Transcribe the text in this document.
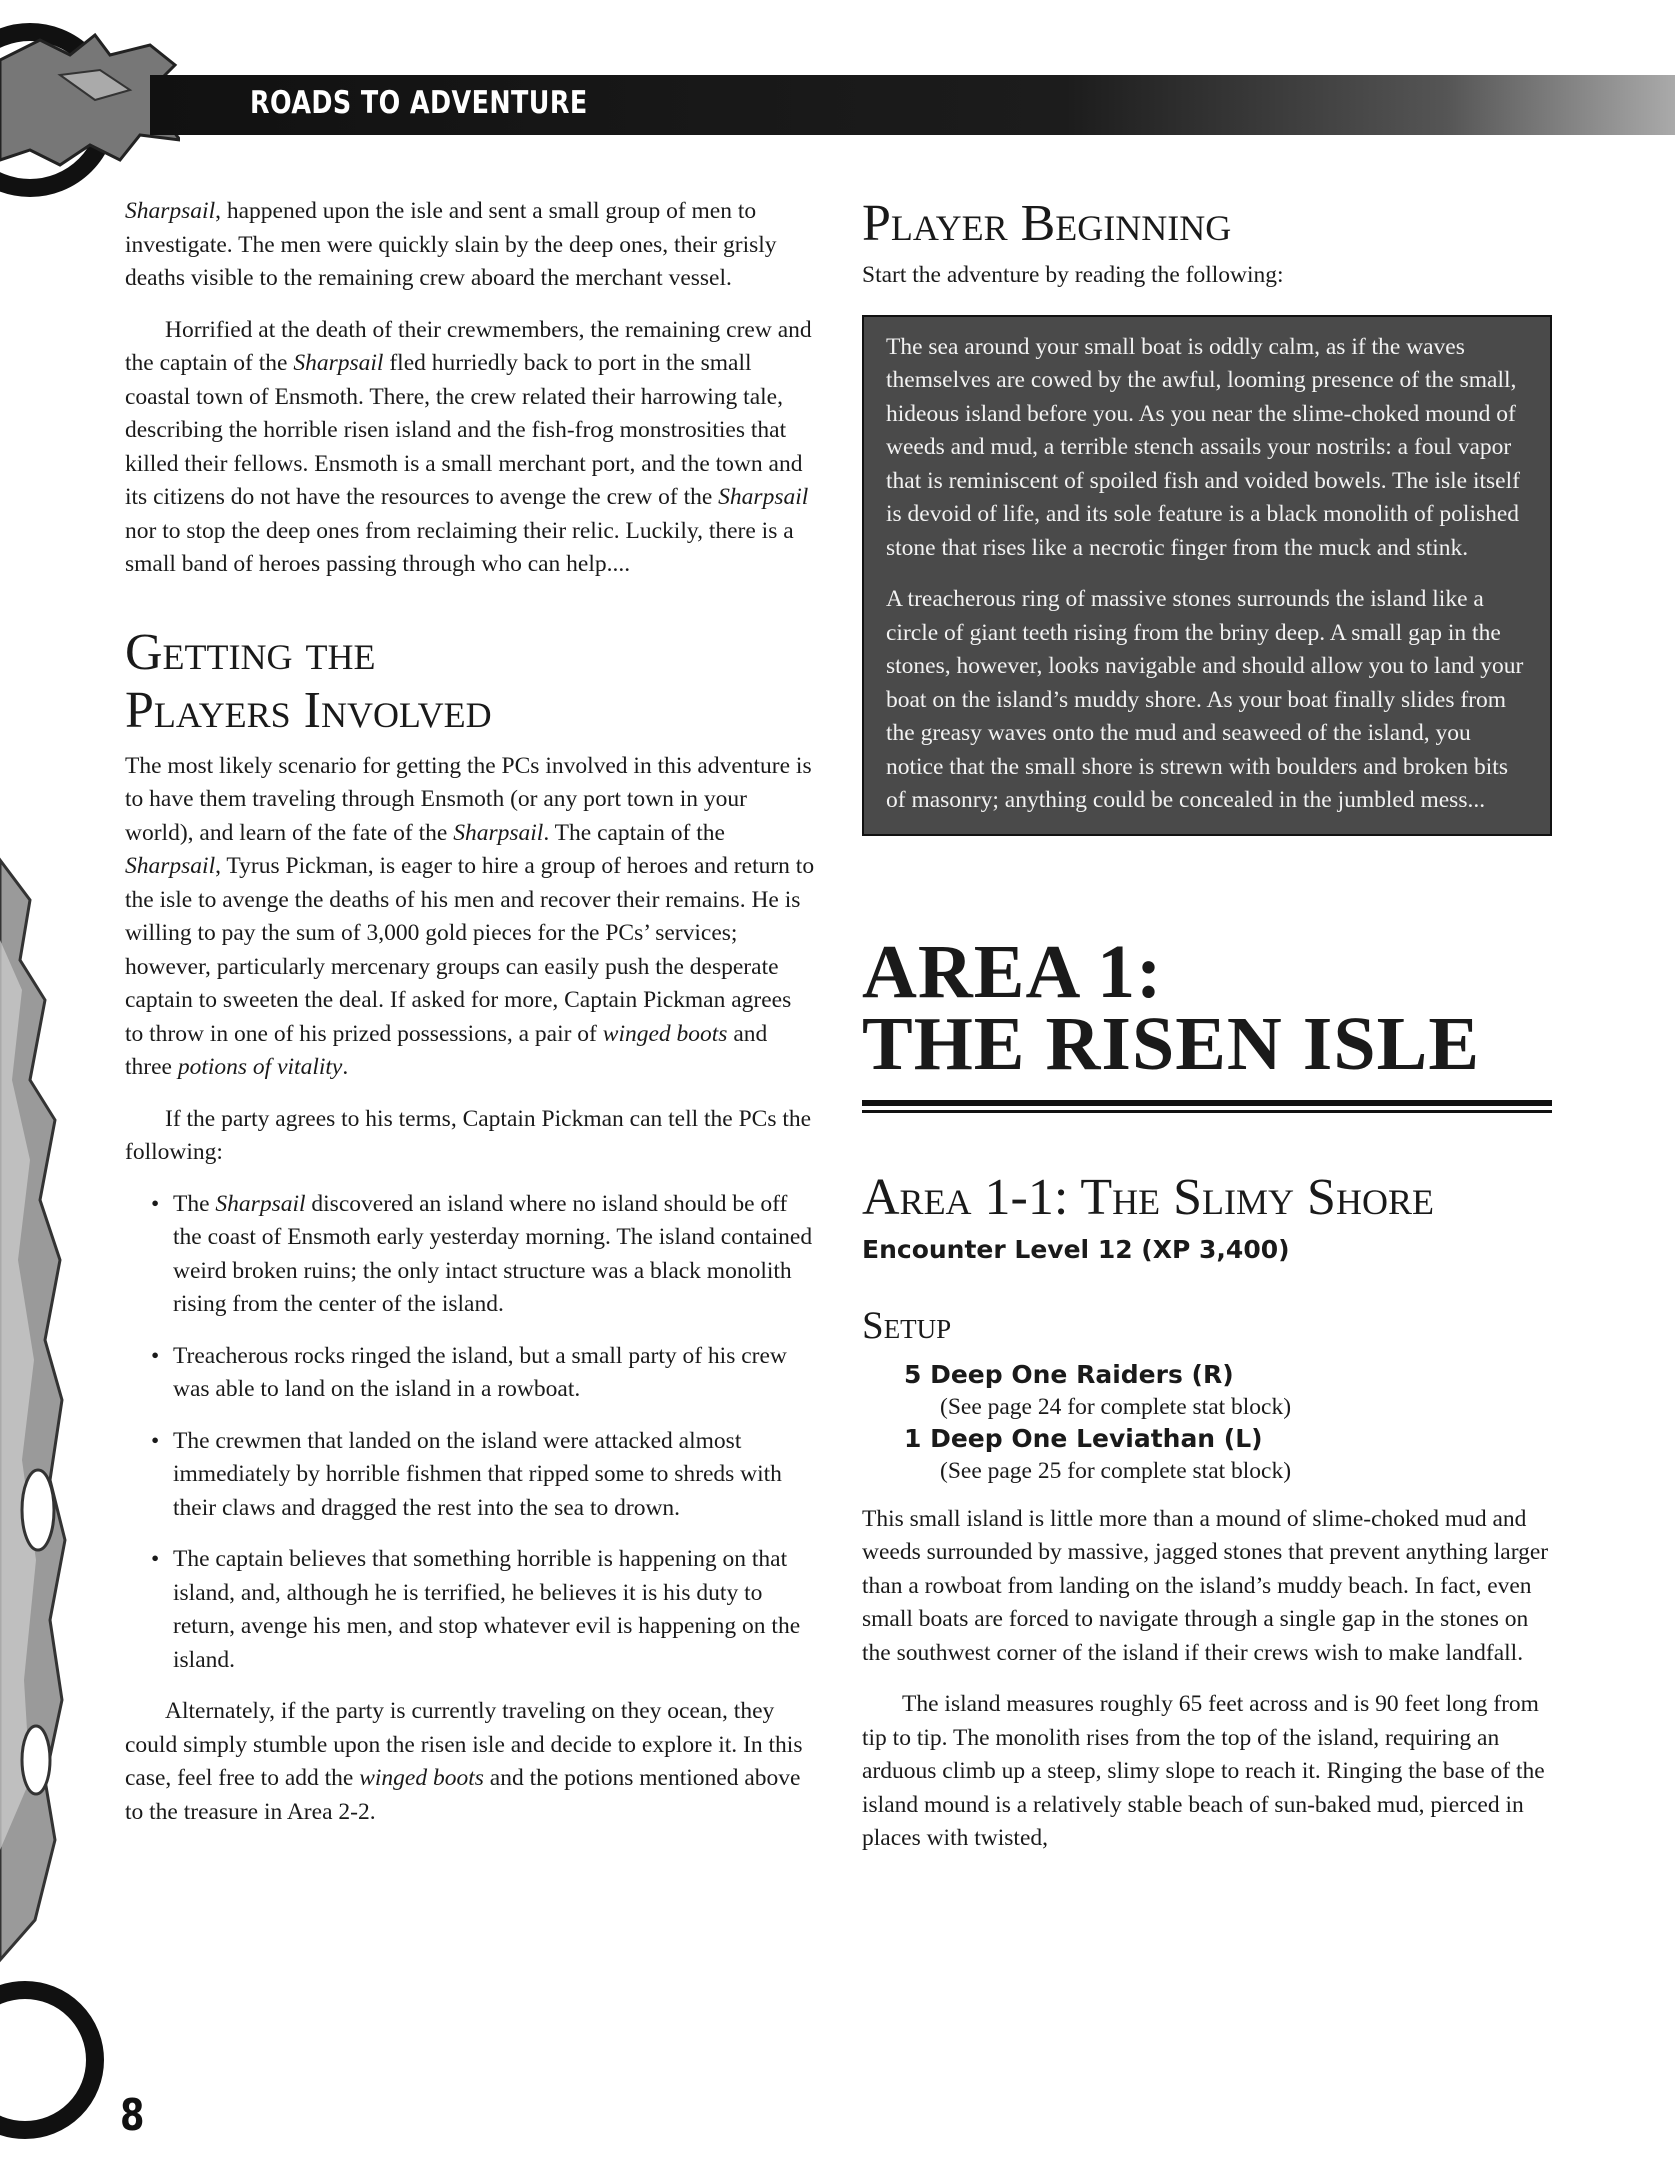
ROADS TO ADVENTURE

Sharpsail, happened upon the isle and sent a small group of men to investigate. The men were quickly slain by the deep ones, their grisly deaths visible to the remaining crew aboard the merchant vessel.

Horrified at the death of their crewmembers, the remaining crew and the captain of the Sharpsail fled hurriedly back to port in the small coastal town of Ensmoth. There, the crew related their harrowing tale, describing the horrible risen island and the fish-frog monstrosities that killed their fellows. Ensmoth is a small merchant port, and the town and its citizens do not have the resources to avenge the crew of the Sharpsail nor to stop the deep ones from reclaiming their relic. Luckily, there is a small band of heroes passing through who can help....

Getting the
Players Involved

The most likely scenario for getting the PCs involved in this adventure is to have them traveling through Ensmoth (or any port town in your world), and learn of the fate of the Sharpsail. The captain of the Sharpsail, Tyrus Pickman, is eager to hire a group of heroes and return to the isle to avenge the deaths of his men and recover their remains. He is willing to pay the sum of 3,000 gold pieces for the PCs’ services; however, particularly mercenary groups can easily push the desperate captain to sweeten the deal. If asked for more, Captain Pickman agrees to throw in one of his prized possessions, a pair of winged boots and three potions of vitality.

If the party agrees to his terms, Captain Pickman can tell the PCs the following:

• The Sharpsail discovered an island where no island should be off the coast of Ensmoth early yesterday morning. The island contained weird broken ruins; the only intact structure was a black monolith rising from the center of the island.
• Treacherous rocks ringed the island, but a small party of his crew was able to land on the island in a rowboat.
• The crewmen that landed on the island were attacked almost immediately by horrible fishmen that ripped some to shreds with their claws and dragged the rest into the sea to drown.
• The captain believes that something horrible is happening on that island, and, although he is terrified, he believes it is his duty to return, avenge his men, and stop whatever evil is happening on the island.

Alternately, if the party is currently traveling on they ocean, they could simply stumble upon the risen isle and decide to explore it. In this case, feel free to add the winged boots and the potions mentioned above to the treasure in Area 2-2.

Player Beginning

Start the adventure by reading the following:

The sea around your small boat is oddly calm, as if the waves themselves are cowed by the awful, looming presence of the small, hideous island before you. As you near the slime-choked mound of weeds and mud, a terrible stench assails your nostrils: a foul vapor that is reminiscent of spoiled fish and voided bowels. The isle itself is devoid of life, and its sole feature is a black monolith of polished stone that rises like a necrotic finger from the muck and stink.

A treacherous ring of massive stones surrounds the island like a circle of giant teeth rising from the briny deep. A small gap in the stones, however, looks navigable and should allow you to land your boat on the island’s muddy shore. As your boat finally slides from the greasy waves onto the mud and seaweed of the island, you notice that the small shore is strewn with boulders and broken bits of masonry; anything could be concealed in the jumbled mess...

AREA 1:
THE RISEN ISLE
Area 1-1: The Slimy Shore
Encounter Level 12 (XP 3,400)
Setup
5 Deep One Raiders (R)
(See page 24 for complete stat block)
1 Deep One Leviathan (L)
(See page 25 for complete stat block)

This small island is little more than a mound of slime-choked mud and weeds surrounded by massive, jagged stones that prevent anything larger than a rowboat from landing on the island’s muddy beach. In fact, even small boats are forced to navigate through a single gap in the stones on the southwest corner of the island if their crews wish to make landfall.

The island measures roughly 65 feet across and is 90 feet long from tip to tip. The monolith rises from the top of the island, requiring an arduous climb up a steep, slimy slope to reach it. Ringing the base of the island mound is a relatively stable beach of sun-baked mud, pierced in places with twisted,

8
